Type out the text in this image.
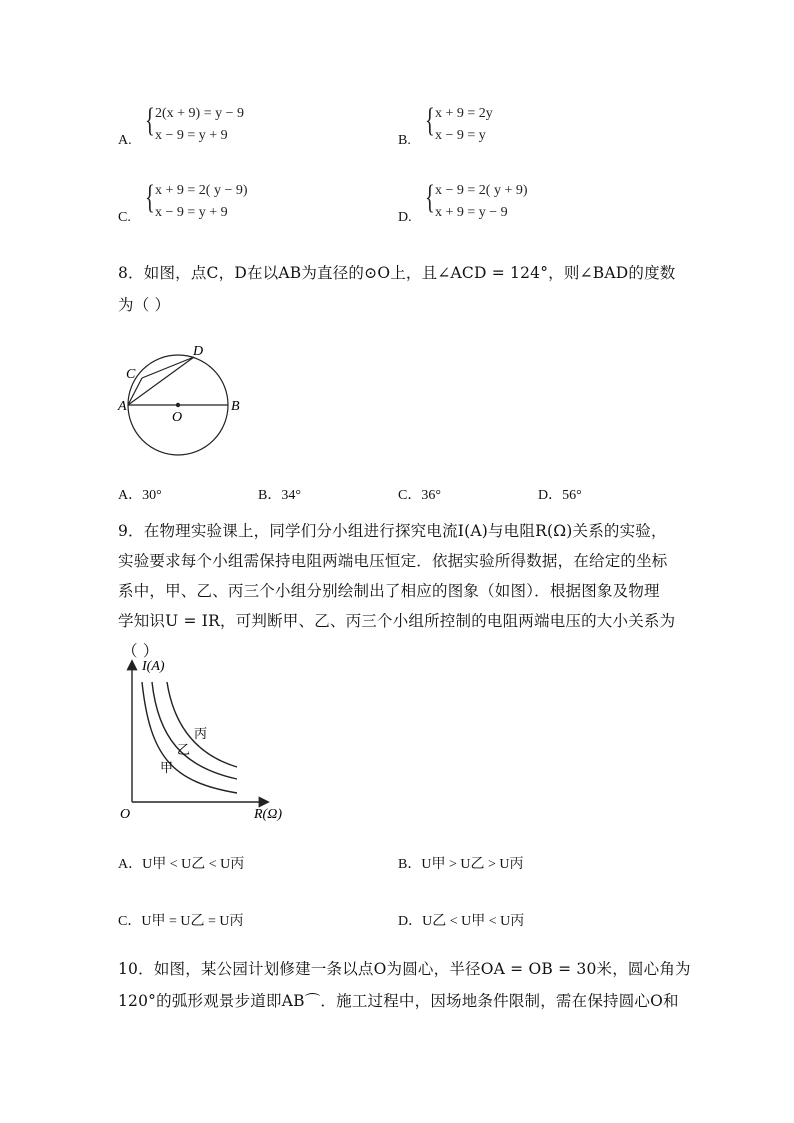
A.
{ 2(x + 9) = y − 9
x − 9 = y + 9	B.
{ x + 9 = 2y
x − 9 = y
C.
{ x + 9 = 2( y − 9)
x − 9 = y + 9	D.
{ x − 9 = 2( y + 9)
x + 9 = y − 9
8．如图，点C，D在以AB为直径的⊙O上，且∠ACD = 124°，则∠BAD的度数
为（ ）
A	B
C
D
O
A．30°	B．34°	C．36°	D．56°
9．在物理实验课上，同学们分小组进行探究电流I(A)与电阻R(Ω)关系的实验，
实验要求每个小组需保持电阻两端电压恒定．依据实验所得数据，在给定的坐标
系中，甲、乙、丙三个小组分别绘制出了相应的图象（如图）．根据图象及物理
学知识U = IR，可判断甲、乙、丙三个小组所控制的电阻两端电压的大小关系为
（ ）
I(A)
R(Ω)
O
甲
乙
丙
A．U甲 < U乙 < U丙	B．U甲 > U乙 > U丙
C．U甲 = U乙 = U丙	D．U乙 < U甲 < U丙
10．如图，某公园计划修建一条以点O为圆心，半径OA = OB = 30米，圆心角为
120°的弧形观景步道即AB⌒．施工过程中，因场地条件限制，需在保持圆心O和
